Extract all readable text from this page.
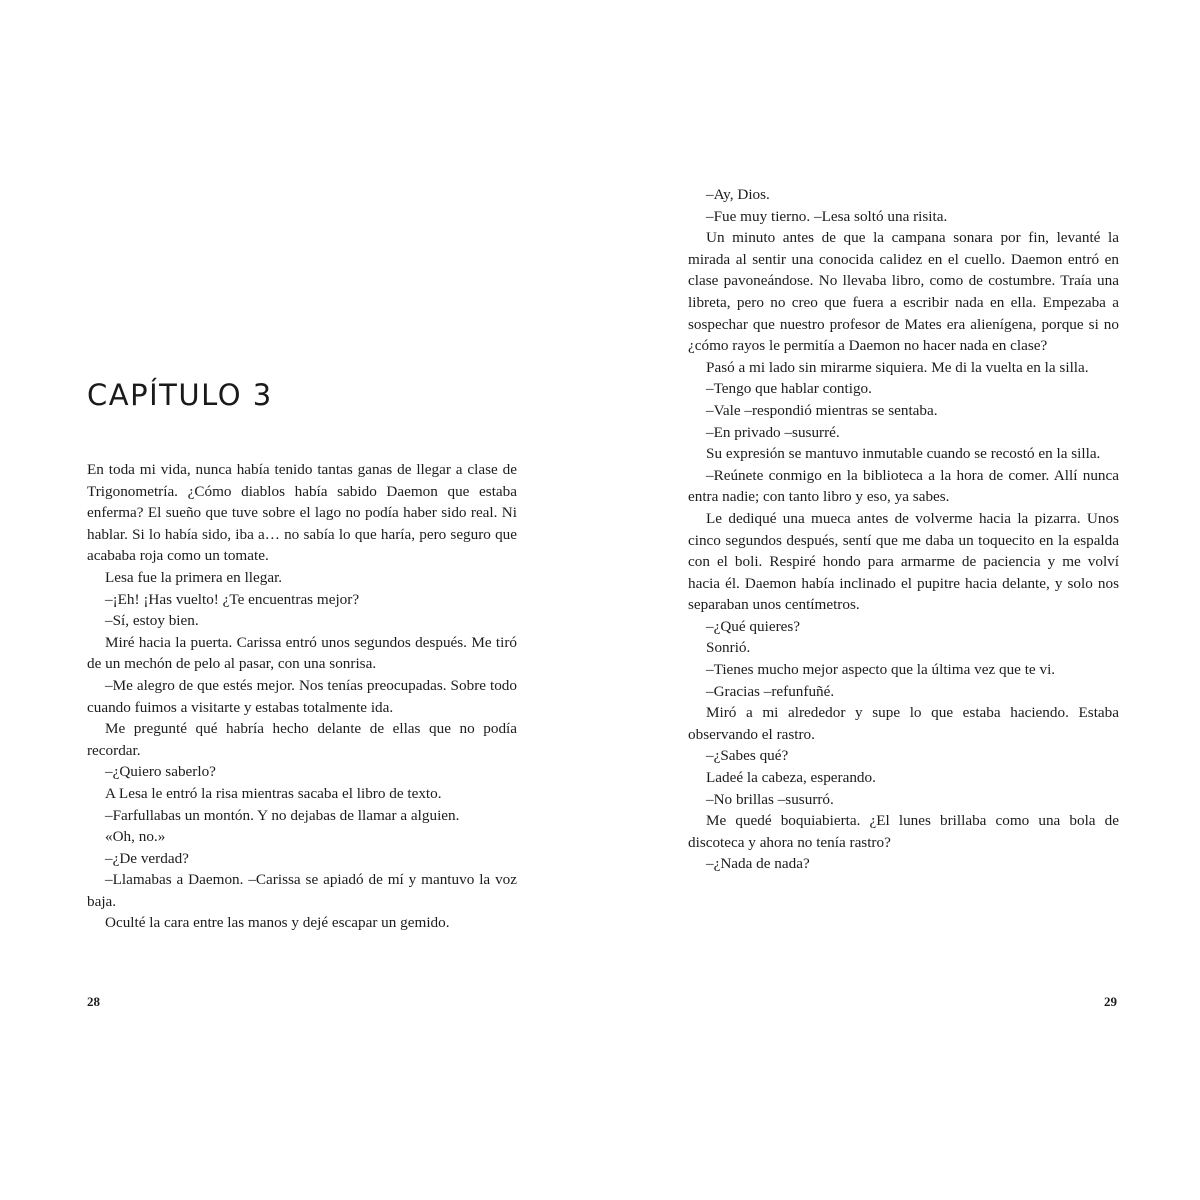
CAPÍTULO 3

En toda mi vida, nunca había tenido tantas ganas de llegar a clase de Trigonometría. ¿Cómo diablos había sabido Daemon que estaba enferma? El sueño que tuve sobre el lago no podía haber sido real. Ni hablar. Si lo había sido, iba a… no sabía lo que haría, pero seguro que acababa roja como un tomate.

Lesa fue la primera en llegar.

–¡Eh! ¡Has vuelto! ¿Te encuentras mejor?

–Sí, estoy bien.

Miré hacia la puerta. Carissa entró unos segundos después. Me tiró de un mechón de pelo al pasar, con una sonrisa.

–Me alegro de que estés mejor. Nos tenías preocupadas. Sobre todo cuando fuimos a visitarte y estabas totalmente ida.

Me pregunté qué habría hecho delante de ellas que no podía recordar.

–¿Quiero saberlo?

A Lesa le entró la risa mientras sacaba el libro de texto.

–Farfullabas un montón. Y no dejabas de llamar a alguien.

«Oh, no.»

–¿De verdad?

–Llamabas a Daemon. –Carissa se apiadó de mí y mantuvo la voz baja.

Oculté la cara entre las manos y dejé escapar un gemido.

28

–Ay, Dios.

–Fue muy tierno. –Lesa soltó una risita.

Un minuto antes de que la campana sonara por fin, levanté la mirada al sentir una conocida calidez en el cuello. Daemon entró en clase pavoneándose. No llevaba libro, como de costumbre. Traía una libreta, pero no creo que fuera a escribir nada en ella. Empezaba a sospechar que nuestro profesor de Mates era alienígena, porque si no ¿cómo rayos le permitía a Daemon no hacer nada en clase?

Pasó a mi lado sin mirarme siquiera. Me di la vuelta en la silla.

–Tengo que hablar contigo.

–Vale –respondió mientras se sentaba.

–En privado –susurré.

Su expresión se mantuvo inmutable cuando se recostó en la silla.

–Reúnete conmigo en la biblioteca a la hora de comer. Allí nunca entra nadie; con tanto libro y eso, ya sabes.

Le dediqué una mueca antes de volverme hacia la pizarra. Unos cinco segundos después, sentí que me daba un toquecito en la espalda con el boli. Respiré hondo para armarme de paciencia y me volví hacia él. Daemon había inclinado el pupitre hacia delante, y solo nos separaban unos centímetros.

–¿Qué quieres?

Sonrió.

–Tienes mucho mejor aspecto que la última vez que te vi.

–Gracias –refunfuñé.

Miró a mi alrededor y supe lo que estaba haciendo. Estaba observando el rastro.

–¿Sabes qué?

Ladeé la cabeza, esperando.

–No brillas –susurró.

Me quedé boquiabierta. ¿El lunes brillaba como una bola de discoteca y ahora no tenía rastro?

–¿Nada de nada?

29
